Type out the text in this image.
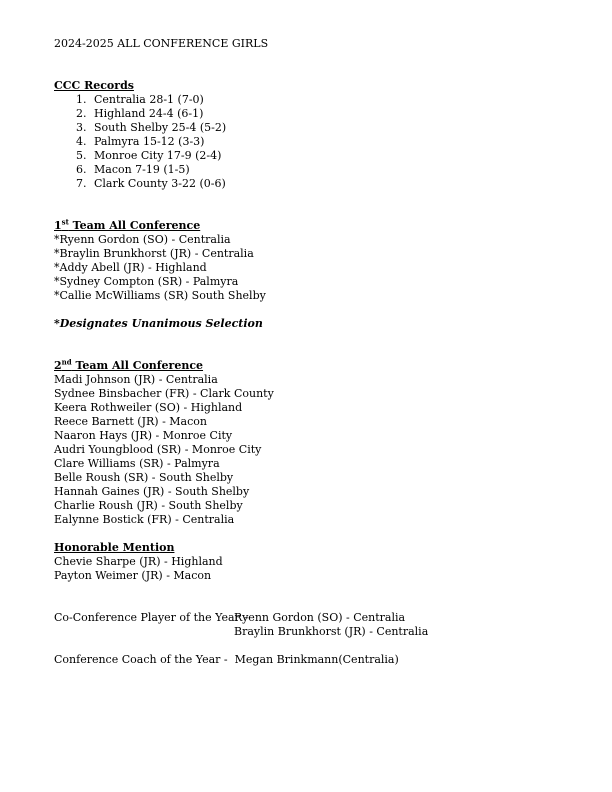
2024-2025 ALL CONFERENCE GIRLS
CCC Records
1. Centralia 28-1 (7-0)
2. Highland 24-4 (6-1)
3. South Shelby 25-4 (5-2)
4. Palmyra 15-12 (3-3)
5. Monroe City 17-9 (2-4)
6. Macon 7-19 (1-5)
7. Clark County 3-22 (0-6)
1st Team All Conference
*Ryenn Gordon (SO) - Centralia
*Braylin Brunkhorst (JR) - Centralia
*Addy Abell (JR) - Highland
*Sydney Compton (SR) - Palmyra
*Callie McWilliams (SR) South Shelby
*Designates Unanimous Selection
2nd Team All Conference
Madi Johnson (JR) - Centralia
Sydnee Binsbacher (FR) - Clark County
Keera Rothweiler (SO) - Highland
Reece Barnett (JR) - Macon
Naaron Hays (JR) - Monroe City
Audri Youngblood (SR) - Monroe City
Clare Williams (SR) - Palmyra
Belle Roush (SR) - South Shelby
Hannah Gaines (JR) - South Shelby
Charlie Roush (JR) - South Shelby
Ealynne Bostick (FR) - Centralia
Honorable Mention
Chevie Sharpe (JR) - Highland
Payton Weimer (JR) - Macon
Co-Conference Player of the Year –
Ryenn Gordon (SO) - Centralia
Braylin Brunkhorst (JR) - Centralia
Conference Coach of the Year - Megan Brinkmann(Centralia)
